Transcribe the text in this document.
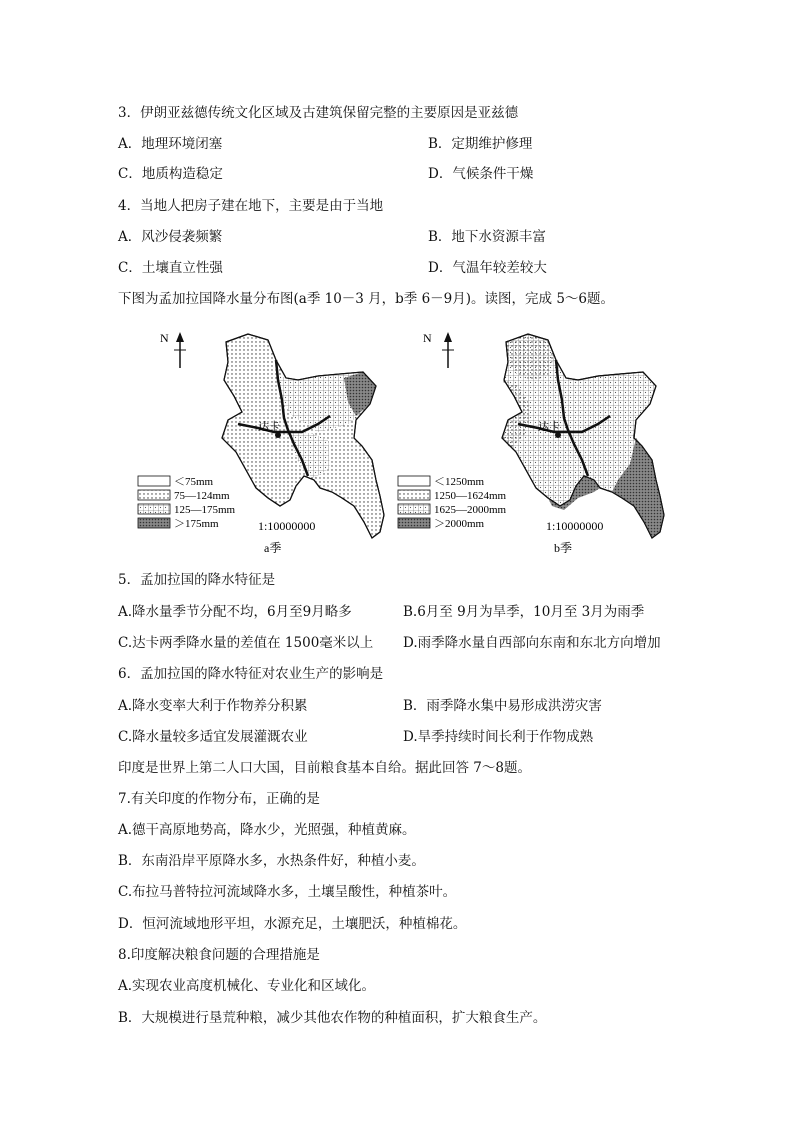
3．伊朗亚兹德传统文化区域及古建筑保留完整的主要原因是亚兹德
A．地理环境闭塞	B．定期维护修理
C．地质构造稳定	D．气候条件干燥
4．当地人把房子建在地下，主要是由于当地
A．风沙侵袭频繁	B．地下水资源丰富
C．土壤直立性强	D．气温年较差较大
下图为孟加拉国降水量分布图(a季 10－3 月，b季 6－9月)。读图，完成 5～6题。
N
达卡
＜75mm
75—124mm
125—175mm
＞175mm	1:10000000
a季
N
达卡
＜1250mm
1250—1624mm
1625—2000mm
＞2000mm	1:10000000
b季
5．孟加拉国的降水特征是
A.降水量季节分配不均，6月至9月略多	B.6月至 9月为旱季，10月至 3月为雨季
C.达卡两季降水量的差值在 1500毫米以上 D.雨季降水量自西部向东南和东北方向增加
6．孟加拉国的降水特征对农业生产的影响是
A.降水变率大利于作物养分积累	B．雨季降水集中易形成洪涝灾害
C.降水量较多适宜发展灌溉农业	D.旱季持续时间长利于作物成熟
印度是世界上第二人口大国，目前粮食基本自给。据此回答 7～8题。
7.有关印度的作物分布，正确的是
A.德干高原地势高，降水少，光照强，种植黄麻。
B．东南沿岸平原降水多，水热条件好，种植小麦。
C.布拉马普特拉河流域降水多，土壤呈酸性，种植茶叶。
D．恒河流域地形平坦，水源充足，土壤肥沃，种植棉花。
8.印度解决粮食问题的合理措施是
A.实现农业高度机械化、专业化和区域化。
B．大规模进行垦荒种粮，减少其他农作物的种植面积，扩大粮食生产。
